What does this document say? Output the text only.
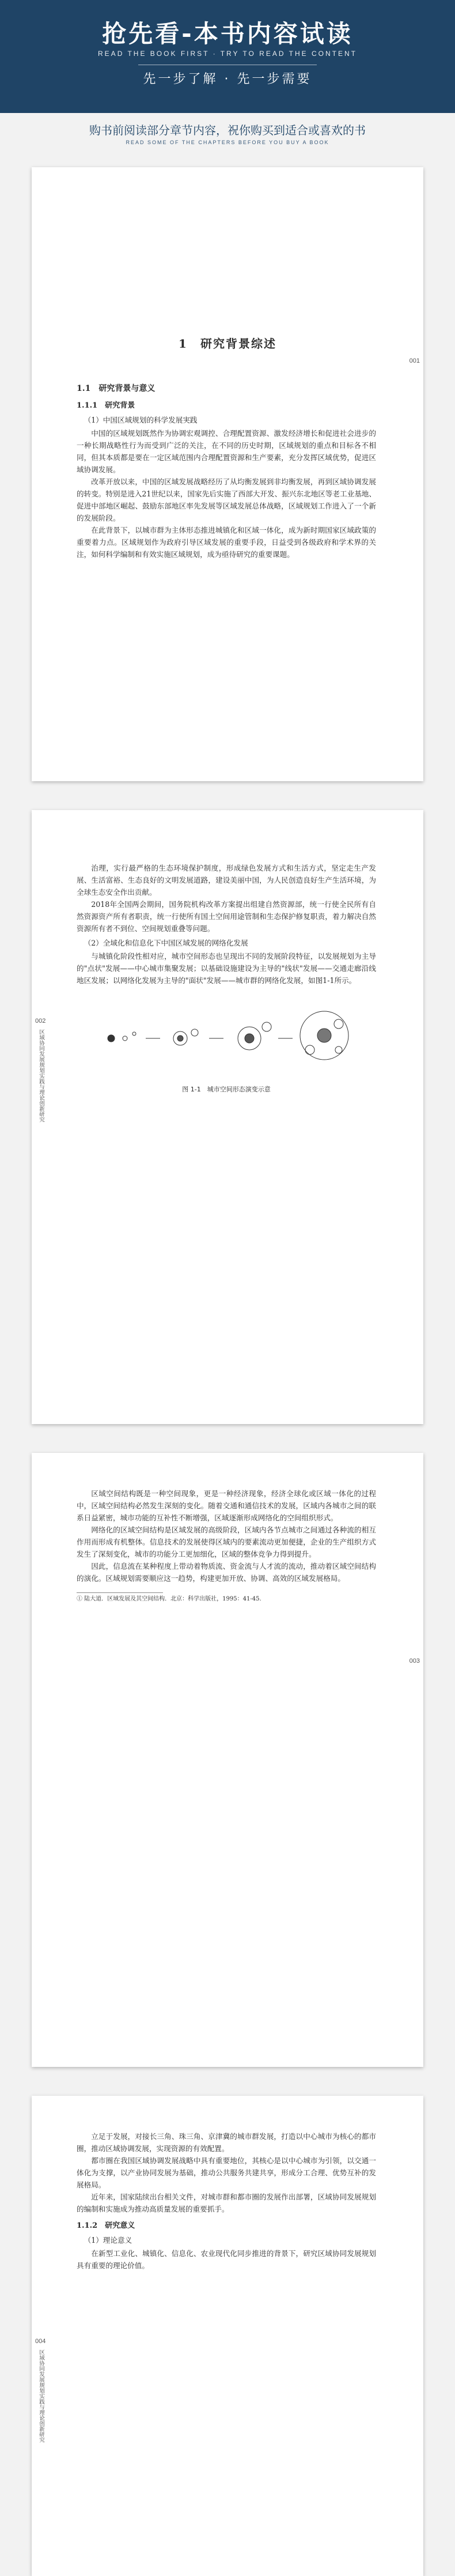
抢先看-本书内容试读
READ THE BOOK FIRST · TRY TO READ THE CONTENT
先一步了解 · 先一步需要
购书前阅读部分章节内容，祝你购买到适合或喜欢的书
READ SOME OF THE CHAPTERS BEFORE YOU BUY A BOOK
1　研究背景综述
1.1　研究背景与意义
1.1.1　研究背景
（1）中国区域规划的科学发展実践

中国的区域规划既然作为协调宏观调控、合理配置资源、激发经济增长和促进社会进步的一种长期战略性行为而受到广泛的关注，在不同的历史时期，区域规划的重点和目标各不相同，但其本质都是要在一定区域范围内合理配置资源和生产要素，充分发挥区域优势，促进区域协调发展。

改革开放以来，中国的区域发展战略经历了从均衡发展到非均衡发展，再到区域协调发展的转变。特别是进入21世纪以来，国家先后实施了西部大开发、振兴东北地区等老工业基地、促进中部地区崛起、鼓励东部地区率先发展等区域发展总体战略，区域规划工作进入了一个新的发展阶段。

在此背景下，以城市群为主体形态推进城镇化和区域一体化，成为新时期国家区域政策的重要着力点。区域规划作为政府引导区域发展的重要手段，日益受到各级政府和学术界的关注，如何科学编制和有效实施区域规划，成为亟待研究的重要课题。

001

治理，实行最严格的生态环境保护制度，形成绿色发展方式和生活方式，坚定走生产发展、生活富裕、生态良好的文明发展道路，建设美丽中国，为人民创造良好生产生活环境，为全球生态安全作出贡献。

2018年全国两会期间，国务院机构改革方案提出组建自然资源部，统一行使全民所有自然资源资产所有者职责，统一行使所有国土空间用途管制和生态保护修复职责，着力解决自然资源所有者不到位、空间规划重叠等问题。

（2）全域化和信息化下中国区域发展的网络化发展

与城镇化阶段性相对应，城市空间形态也呈现出不同的发展阶段特征，以发展规划为主导的"点状"发展——中心城市集聚发展；以基础设施建设为主导的"线状"发展——交通走廊沿线地区发展；以网络化发展为主导的"面状"发展——城市群的网络化发展，如图1-1所示。

图 1-1　城市空间形态演变示意
区域协同发展规划实践与理论创新研究
002

区域空间结构既是一种空间现象，更是一种经济现象，经济全球化或区域一体化的过程中，区域空间结构必然发生深刻的变化。随着交通和通信技术的发展，区域内各城市之间的联系日益紧密，城市功能的互补性不断增强，区域逐渐形成网络化的空间组织形式。

网络化的区域空间结构是区域发展的高级阶段，区域内各节点城市之间通过各种流的相互作用而形成有机整体。信息技术的发展使得区域内的要素流动更加便捷，企业的生产组织方式发生了深刻变化，城市的功能分工更加细化，区域的整体竞争力得到提升。

因此，信息流在某种程度上带动着物质流、资金流与人才流的流动，推动着区域空间结构的演化。区域规划需要顺应这一趋势，构建更加开放、协调、高效的区域发展格局。

① 陆大道．区域发展及其空间结构．北京：科学出版社，1995：41-45.
003

立足于发展，对接长三角、珠三角、京津冀的城市群发展，打造以中心城市为核心的都市圈，推动区域协调发展，实现资源的有效配置。

都市圈在我国区域协调发展战略中具有重要地位，其核心是以中心城市为引领，以交通一体化为支撑，以产业协同发展为基础，推动公共服务共建共享，形成分工合理、优势互补的发展格局。

近年来，国家陆续出台相关文件，对城市群和都市圈的发展作出部署，区域协同发展规划的编制和实施成为推动高质量发展的重要抓手。

1.1.2　研究意义
（1）理论意义

在新型工业化、城镇化、信息化、农业现代化同步推进的背景下，研究区域协同发展规划具有重要的理论价值。

区域协同发展规划实践与理论创新研究
004
